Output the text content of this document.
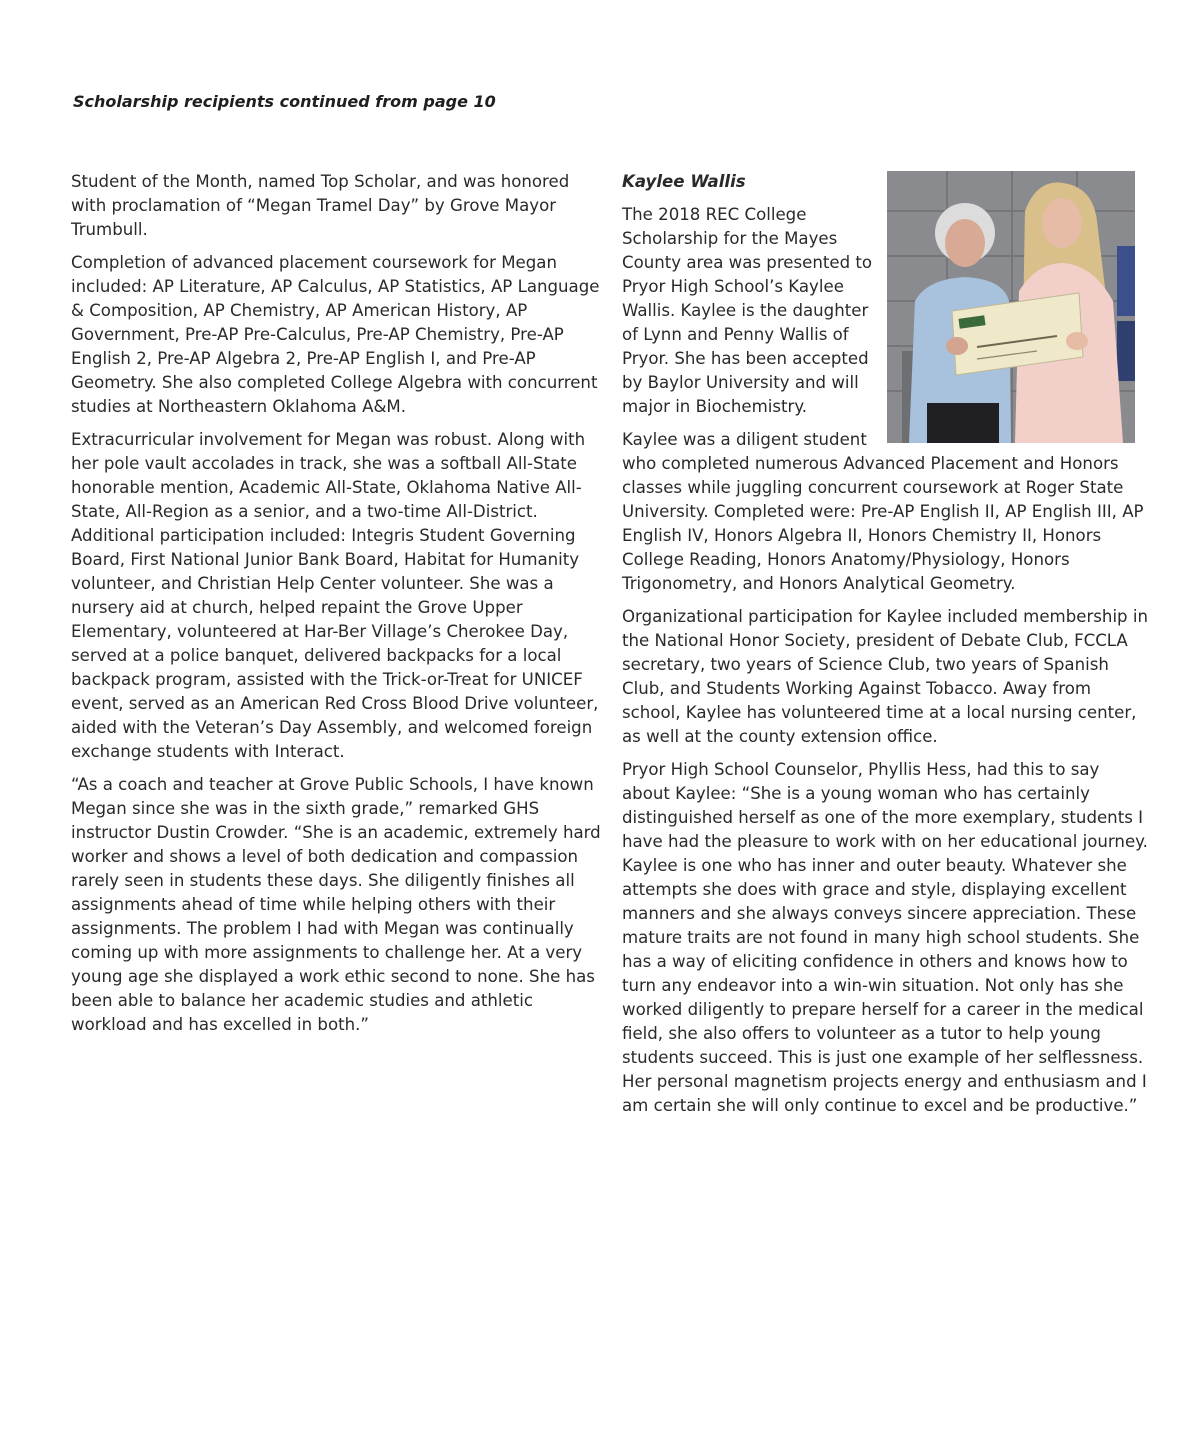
Scholarship recipients continued from page 10

Student of the Month, named Top Scholar, and was honored with proclamation of “Megan Tramel Day” by Grove Mayor Trumbull.

Completion of advanced placement coursework for Megan included: AP Literature, AP Calculus, AP Statistics, AP Language & Composition, AP Chemistry, AP American History, AP Government, Pre-AP Pre-Calculus, Pre-AP Chemistry, Pre-AP English 2, Pre-AP Algebra 2, Pre-AP English I, and Pre-AP Geometry. She also completed College Algebra with concurrent studies at Northeastern Oklahoma A&M.

Extracurricular involvement for Megan was robust. Along with her pole vault accolades in track, she was a softball All-State honorable mention, Academic All-State, Oklahoma Native All-State, All-Region as a senior, and a two-time All-District. Additional participation included: Integris Student Governing Board, First National Junior Bank Board, Habitat for Humanity volunteer, and Christian Help Center volunteer. She was a nursery aid at church, helped repaint the Grove Upper Elementary, volunteered at Har-Ber Village’s Cherokee Day, served at a police banquet, delivered backpacks for a local backpack program, assisted with the Trick-or-Treat for UNICEF event, served as an American Red Cross Blood Drive volunteer, aided with the Veteran’s Day Assembly, and welcomed foreign exchange students with Interact.

“As a coach and teacher at Grove Public Schools, I have known Megan since she was in the sixth grade,” remarked GHS instructor Dustin Crowder. “She is an academic, extremely hard worker and shows a level of both dedication and compassion rarely seen in students these days. She diligently finishes all assignments ahead of time while helping others with their assignments. The problem I had with Megan was continually coming up with more assignments to challenge her. At a very young age she displayed a work ethic second to none. She has been able to balance her academic studies and athletic workload and has excelled in both.”

Kaylee Wallis

The 2018 REC College Scholarship for the Mayes County area was presented to Pryor High School’s Kaylee Wallis. Kaylee is the daughter of Lynn and Penny Wallis of Pryor. She has been accepted by Baylor University and will major in Biochemistry.

Kaylee was a diligent student who completed numerous Advanced Placement and Honors classes while juggling concurrent coursework at Roger State University. Completed were: Pre-AP English II, AP English III, AP English IV, Honors Algebra II, Honors Chemistry II, Honors College Reading, Honors Anatomy/Physiology, Honors Trigonometry, and Honors Analytical Geometry.

Organizational participation for Kaylee included membership in the National Honor Society, president of Debate Club, FCCLA secretary, two years of Science Club, two years of Spanish Club, and Students Working Against Tobacco. Away from school, Kaylee has volunteered time at a local nursing center, as well at the county extension office.

Pryor High School Counselor, Phyllis Hess, had this to say about Kaylee: “She is a young woman who has certainly distinguished herself as one of the more exemplary, students I have had the pleasure to work with on her educational journey. Kaylee is one who has inner and outer beauty. Whatever she attempts she does with grace and style, displaying excellent manners and she always conveys sincere appreciation. These mature traits are not found in many high school students. She has a way of eliciting confidence in others and knows how to turn any endeavor into a win-win situation. Not only has she worked diligently to prepare herself for a career in the medical field, she also offers to volunteer as a tutor to help young students succeed. This is just one example of her selflessness. Her personal magnetism projects energy and enthusiasm and I am certain she will only continue to excel and be productive.”
